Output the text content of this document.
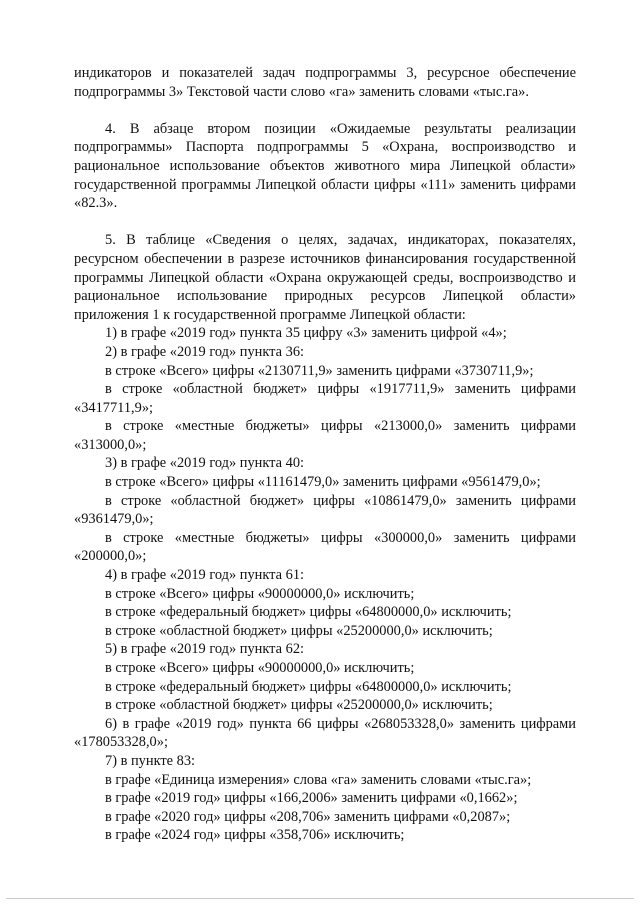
индикаторов и показателей задач подпрограммы 3, ресурсное обеспечение подпрограммы 3» Текстовой части слово «га» заменить словами «тыс.га».

4. В абзаце втором позиции «Ожидаемые результаты реализации подпрограммы» Паспорта подпрограммы 5 «Охрана, воспроизводство и рациональное использование объектов животного мира Липецкой области» государственной программы Липецкой области цифры «111» заменить цифрами «82.3».

5. В таблице «Сведения о целях, задачах, индикаторах, показателях, ресурсном обеспечении в разрезе источников финансирования государственной программы Липецкой области «Охрана окружающей среды, воспроизводство и рациональное использование природных ресурсов Липецкой области» приложения 1 к государственной программе Липецкой области:

1) в графе «2019 год» пункта 35 цифру «3» заменить цифрой «4»;

2) в графе «2019 год» пункта 36:

в строке «Всего» цифры «2130711,9» заменить цифрами «3730711,9»;

в строке «областной бюджет» цифры «1917711,9» заменить цифрами «3417711,9»;

в строке «местные бюджеты» цифры «213000,0» заменить цифрами «313000,0»;

3) в графе «2019 год» пункта 40:

в строке «Всего» цифры «11161479,0» заменить цифрами «9561479,0»;

в строке «областной бюджет» цифры «10861479,0» заменить цифрами «9361479,0»;

в строке «местные бюджеты» цифры «300000,0» заменить цифрами «200000,0»;

4) в графе «2019 год» пункта 61:

в строке «Всего» цифры «90000000,0» исключить;

в строке «федеральный бюджет» цифры «64800000,0» исключить;

в строке «областной бюджет» цифры «25200000,0» исключить;

5) в графе «2019 год» пункта 62:

в строке «Всего» цифры «90000000,0» исключить;

в строке «федеральный бюджет» цифры «64800000,0» исключить;

в строке «областной бюджет» цифры «25200000,0» исключить;

6) в графе «2019 год» пункта 66 цифры «268053328,0» заменить цифрами «178053328,0»;

7) в пункте 83:

в графе «Единица измерения» слова «га» заменить словами «тыс.га»;

в графе «2019 год» цифры «166,2006» заменить цифрами «0,1662»;

в графе «2020 год» цифры «208,706» заменить цифрами «0,2087»;

в графе «2024 год» цифры «358,706» исключить;
